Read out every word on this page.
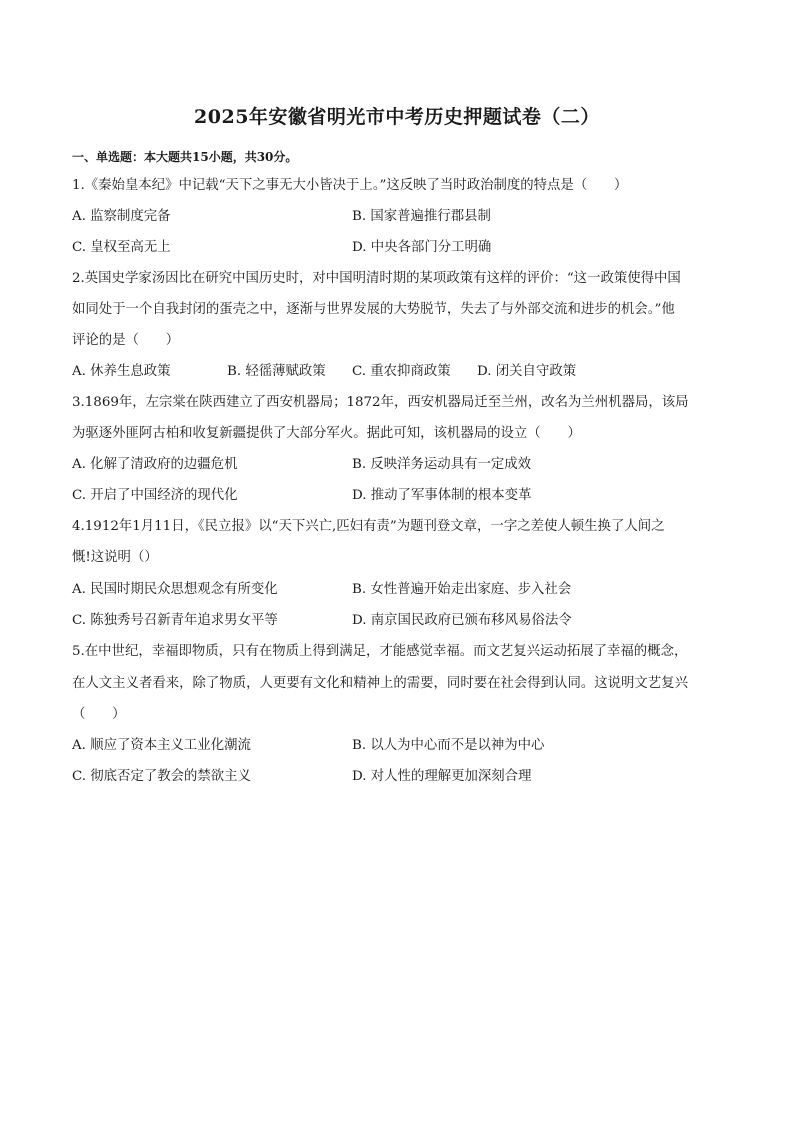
2025年安徽省明光市中考历史押题试卷（二）
一、单选题：本大题共15小题，共30分。
1.《秦始皇本纪》中记载“天下之事无大小皆决于上。”这反映了当时政治制度的特点是（　　）
A. 监察制度完备	B. 国家普遍推行郡县制
C. 皇权至高无上	D. 中央各部门分工明确
2.英国史学家汤因比在研究中国历史时，对中国明清时期的某项政策有这样的评价：“这一政策使得中国
如同处于一个自我封闭的蛋壳之中，逐渐与世界发展的大势脱节，失去了与外部交流和进步的机会。”他
评论的是（　　）
A. 休养生息政策	B. 轻徭薄赋政策 C. 重农抑商政策 D. 闭关自守政策
3.1869年，左宗棠在陕西建立了西安机器局；1872年，西安机器局迁至兰州，改名为兰州机器局，该局
为驱逐外匪阿古柏和收复新疆提供了大部分军火。据此可知，该机器局的设立（　　）
A. 化解了清政府的边疆危机	B. 反映洋务运动具有一定成效
C. 开启了中国经济的现代化	D. 推动了军事体制的根本变革
4.1912年1月11日，《民立报》以“天下兴亡,匹妇有责”为题刊登文章，一字之差使人顿生换了人间之
慨!这说明（）
A. 民国时期民众思想观念有所变化	B. 女性普遍开始走出家庭、步入社会
C. 陈独秀号召新青年追求男女平等	D. 南京国民政府已颁布移风易俗法令
5.在中世纪，幸福即物质，只有在物质上得到满足，才能感觉幸福。而文艺复兴运动拓展了幸福的概念，
在人文主义者看来，除了物质，人更要有文化和精神上的需要，同时要在社会得到认同。这说明文艺复兴
（　　）
A. 顺应了资本主义工业化潮流	B. 以人为中心而不是以神为中心
C. 彻底否定了教会的禁欲主义	D. 对人性的理解更加深刻合理
